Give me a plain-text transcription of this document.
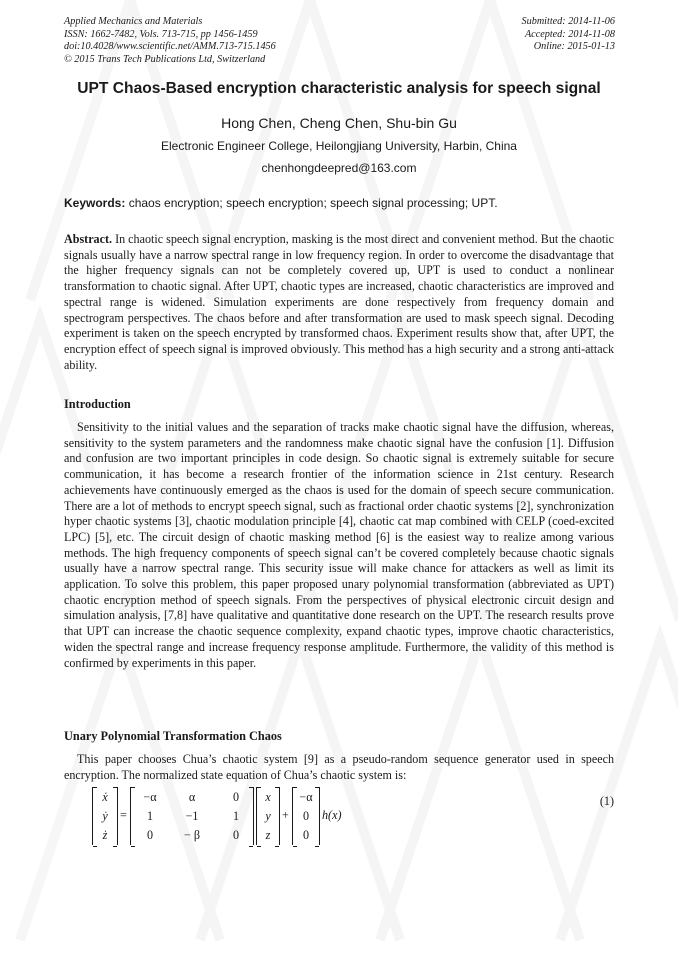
Applied Mechanics and Materials
ISSN: 1662-7482, Vols. 713-715, pp 1456-1459
doi:10.4028/www.scientific.net/AMM.713-715.1456
© 2015 Trans Tech Publications Ltd, Switzerland
Submitted: 2014-11-06
Accepted: 2014-11-08
Online: 2015-01-13
UPT Chaos-Based encryption characteristic analysis for speech signal
Hong Chen, Cheng Chen, Shu-bin Gu
Electronic Engineer College, Heilongjiang University, Harbin, China
chenhongdeepred@163.com
Keywords: chaos encryption; speech encryption; speech signal processing; UPT.
Abstract. In chaotic speech signal encryption, masking is the most direct and convenient method. But the chaotic signals usually have a narrow spectral range in low frequency region. In order to overcome the disadvantage that the higher frequency signals can not be completely covered up, UPT is used to conduct a nonlinear transformation to chaotic signal. After UPT, chaotic types are increased, chaotic characteristics are improved and spectral range is widened. Simulation experiments are done respectively from frequency domain and spectrogram perspectives. The chaos before and after transformation are used to mask speech signal. Decoding experiment is taken on the speech encrypted by transformed chaos. Experiment results show that, after UPT, the encryption effect of speech signal is improved obviously. This method has a high security and a strong anti-attack ability.
Introduction
Sensitivity to the initial values and the separation of tracks make chaotic signal have the diffusion, whereas, sensitivity to the system parameters and the randomness make chaotic signal have the confusion [1]. Diffusion and confusion are two important principles in code design. So chaotic signal is extremely suitable for secure communication, it has become a research frontier of the information science in 21st century. Research achievements have continuously emerged as the chaos is used for the domain of speech secure communication. There are a lot of methods to encrypt speech signal, such as fractional order chaotic systems [2], synchronization hyper chaotic systems [3], chaotic modulation principle [4], chaotic cat map combined with CELP (coed-excited LPC) [5], etc. The circuit design of chaotic masking method [6] is the easiest way to realize among various methods. The high frequency components of speech signal can’t be covered completely because chaotic signals usually have a narrow spectral range. This security issue will make chance for attackers as well as limit its application. To solve this problem, this paper proposed unary polynomial transformation (abbreviated as UPT) chaotic encryption method of speech signals. From the perspectives of physical electronic circuit design and simulation analysis, [7,8] have qualitative and quantitative done research on the UPT. The research results prove that UPT can increase the chaotic sequence complexity, expand chaotic types, improve chaotic characteristics, widen the spectral range and increase frequency response amplitude. Furthermore, the validity of this method is confirmed by experiments in this paper.
Unary Polynomial Transformation Chaos
This paper chooses Chua’s chaotic system [9] as a pseudo-random sequence generator used in speech encryption. The normalized state equation of Chua’s chaotic system is:
ẋ
ẏ
ż
=
−α	α	0
1	−1	1
0	− β	0
x
y
z
+
−α
0
0
h(x)
(1)
